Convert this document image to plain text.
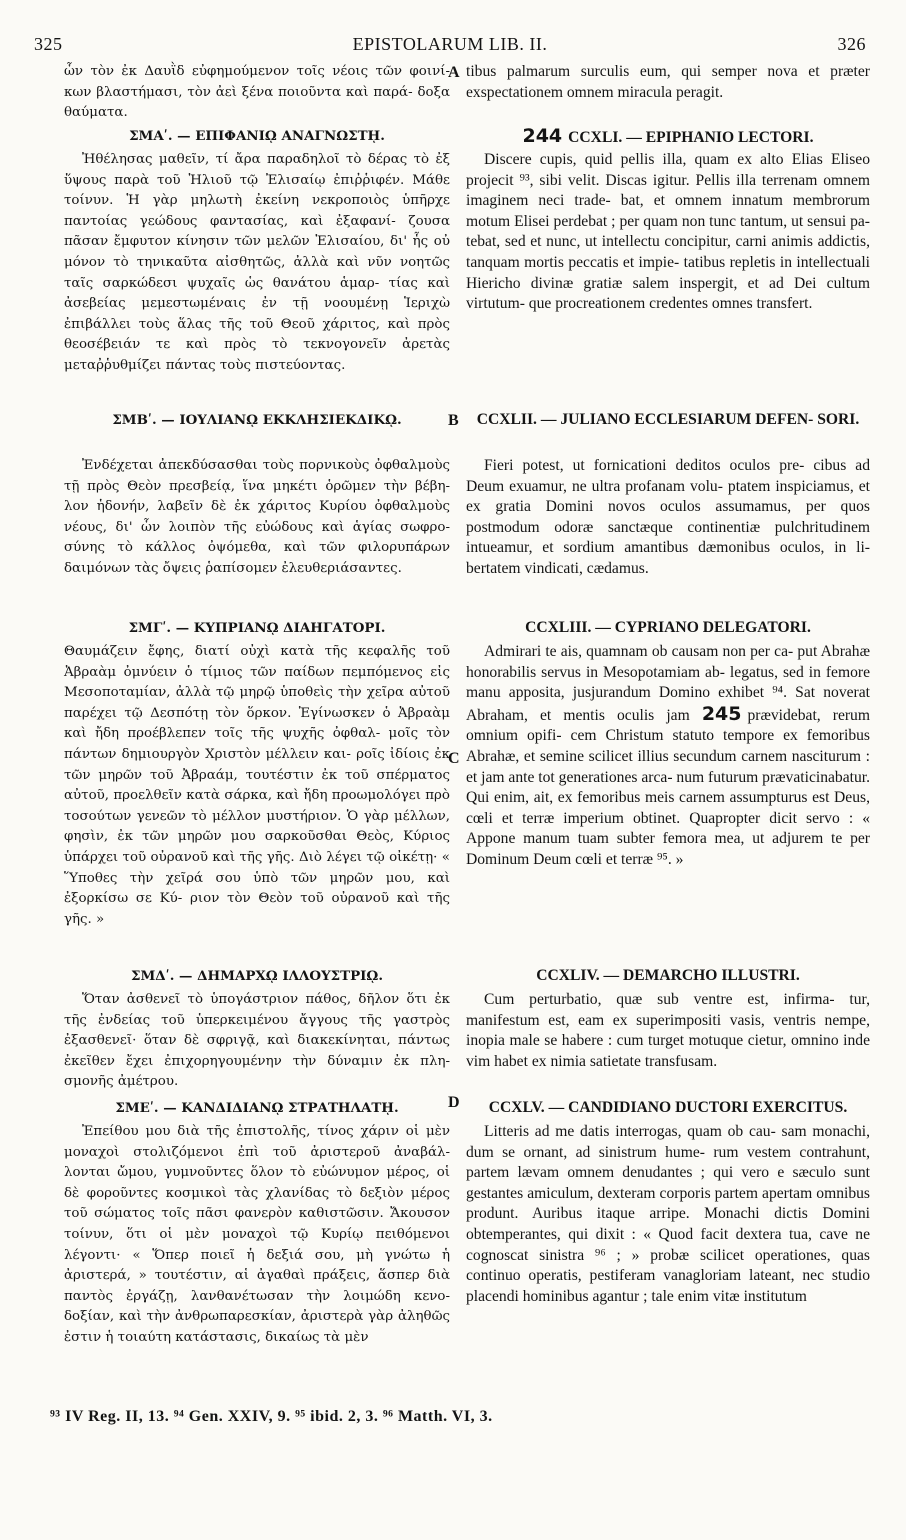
325	EPISTOLARUM LIB. II.	326

ὧν τὸν ἐκ Δαυῒδ εὐφημούμενον τοῖς νέοις τῶν φοινί- κων βλαστήμασι, τὸν ἀεὶ ξένα ποιοῦντα καὶ παρά- δοξα θαύματα.

ΣΜΑʹ. — ΕΠΙΦΑΝΙῼ ΑΝΑΓΝΩΣΤῌ.

Ἠθέλησας μαθεῖν, τί ἄρα παραδηλοῖ τὸ δέρας τὸ ἐξ ὕψους παρὰ τοῦ Ἠλιοῦ τῷ Ἐλισαίῳ ἐπιῤῥιφέν. Μάθε τοίνυν. Ἡ γὰρ μηλωτὴ ἐκείνη νεκροποιὸς ὑπῆρχε παντοίας γεώδους φαντασίας, καὶ ἐξαφανί- ζουσα πᾶσαν ἔμφυτον κίνησιν τῶν μελῶν Ἐλισαίου, δι' ἧς οὐ μόνον τὸ τηνικαῦτα αἰσθητῶς, ἀλλὰ καὶ νῦν νοητῶς ταῖς σαρκώδεσι ψυχαῖς ὡς θανάτου ἁμαρ- τίας καὶ ἀσεβείας μεμεστωμέναις ἐν τῇ νοουμένῃ Ἱεριχὼ ἐπιβάλλει τοὺς ἅλας τῆς τοῦ Θεοῦ χάριτος, καὶ πρὸς θεοσέβειάν τε καὶ πρὸς τὸ τεκνογονεῖν ἀρετὰς μεταῤῥυθμίζει πάντας τοὺς πιστεύοντας.

ΣΜΒʹ. — ΙΟΥΛΙΑΝῼ ΕΚΚΛΗΣΙΕΚΔΙΚῼ.

Ἐνδέχεται ἀπεκδύσασθαι τοὺς πορνικοὺς ὀφθαλμοὺς τῇ πρὸς Θεὸν πρεσβείᾳ, ἵνα μηκέτι ὁρῶμεν τὴν βέβη- λον ἡδονήν, λαβεῖν δὲ ἐκ χάριτος Κυρίου ὀφθαλμοὺς νέους, δι' ὧν λοιπὸν τῆς εὐώδους καὶ ἁγίας σωφρο- σύνης τὸ κάλλος ὀψόμεθα, καὶ τῶν φιλορυπάρων δαιμόνων τὰς ὄψεις ῥαπίσομεν ἐλευθεριάσαντες.

ΣΜΓʹ. — ΚΥΠΡΙΑΝῼ ΔΙΑΗΓΑΤΟΡΙ.

Θαυμάζειν ἔφης, διατί οὐχὶ κατὰ τῆς κεφαλῆς τοῦ Ἀβραὰμ ὀμνύειν ὁ τίμιος τῶν παίδων πεμπόμενος εἰς Μεσοποταμίαν, ἀλλὰ τῷ μηρῷ ὑποθεὶς τὴν χεῖρα αὐτοῦ παρέχει τῷ Δεσπότῃ τὸν ὅρκον. Ἐγίνωσκεν ὁ Ἀβραὰμ καὶ ἤδη προέβλεπεν τοῖς τῆς ψυχῆς ὀφθαλ- μοῖς τὸν πάντων δημιουργὸν Χριστὸν μέλλειν και- ροῖς ἰδίοις ἐκ τῶν μηρῶν τοῦ Ἀβραάμ, τουτέστιν ἐκ τοῦ σπέρματος αὐτοῦ, προελθεῖν κατὰ σάρκα, καὶ ἤδη προωμολόγει πρὸ τοσούτων γενεῶν τὸ μέλλον μυστήριον. Ὁ γὰρ μέλλων, φησὶν, ἐκ τῶν μηρῶν μου σαρκοῦσθαι Θεὸς, Κύριος ὑπάρχει τοῦ οὐρανοῦ καὶ τῆς γῆς. Διὸ λέγει τῷ οἰκέτῃ· « Ὕποθες τὴν χεῖρά σου ὑπὸ τῶν μηρῶν μου, καὶ ἐξορκίσω σε Κύ- ριον τὸν Θεὸν τοῦ οὐρανοῦ καὶ τῆς γῆς. »

ΣΜΔʹ. — ΔΗΜΑΡΧῼ ΙΛΛΟΥΣΤΡΙῼ.

Ὅταν ἀσθενεῖ τὸ ὑπογάστριον πάθος, δῆλον ὅτι ἐκ τῆς ἐνδείας τοῦ ὑπερκειμένου ἄγγους τῆς γαστρὸς ἐξασθενεῖ· ὅταν δὲ σφριγᾷ, καὶ διακεκίνηται, πάντως ἐκεῖθεν ἔχει ἐπιχορηγουμένην τὴν δύναμιν ἐκ πλη- σμονῆς ἀμέτρου.

ΣΜΕʹ. — ΚΑΝΔΙΔΙΑΝῼ ΣΤΡΑΤΗΛΑΤῌ.

Ἐπείθου μου διὰ τῆς ἐπιστολῆς, τίνος χάριν οἱ μὲν μοναχοὶ στολιζόμενοι ἐπὶ τοῦ ἀριστεροῦ ἀναβάλ- λονται ὤμου, γυμνοῦντες ὅλον τὸ εὐώνυμον μέρος, οἱ δὲ φοροῦντες κοσμικοὶ τὰς χλανίδας τὸ δεξιὸν μέρος τοῦ σώματος τοῖς πᾶσι φανερὸν καθιστῶσιν. Ἄκουσον τοίνυν, ὅτι οἱ μὲν μοναχοὶ τῷ Κυρίῳ πειθόμενοι λέγοντι· « Ὅπερ ποιεῖ ἡ δεξιά σου, μὴ γνώτω ἡ ἀριστερά, » τουτέστιν, αἱ ἀγαθαὶ πράξεις, ἅσπερ διὰ παντὸς ἐργάζῃ, λανθανέτωσαν τὴν λοιμώδη κενο- δοξίαν, καὶ τὴν ἀνθρωπαρεσκίαν, ἀριστερὰ γὰρ ἀληθῶς ἐστιν ἡ τοιαύτη κατάστασις, δικαίως τὰ μὲν

A
B
C
D

tibus palmarum surculis eum, qui semper nova et præter exspectationem omnem miracula peragit.

244 CCXLI. — EPIPHANIO LECTORI.

Discere cupis, quid pellis illa, quam ex alto Elias Eliseo projecit ⁹³, sibi velit. Discas igitur. Pellis illa terrenam omnem imaginem neci trade- bat, et omnem innatum membrorum motum Elisei perdebat ; per quam non tunc tantum, ut sensui pa- tebat, sed et nunc, ut intellectu concipitur, carni animis addictis, tanquam mortis peccatis et impie- tatibus repletis in intellectuali Hiericho divinæ gratiæ salem inspergit, et ad Dei cultum virtutum- que procreationem credentes omnes transfert.

CCXLII. — JULIANO ECCLESIARUM DEFEN- SORI.

Fieri potest, ut fornicationi deditos oculos pre- cibus ad Deum exuamur, ne ultra profanam volu- ptatem inspiciamus, et ex gratia Domini novos oculos assumamus, per quos postmodum odoræ sanctæque continentiæ pulchritudinem intueamur, et sordium amantibus dæmonibus oculos, in li- bertatem vindicati, cædamus.

CCXLIII. — CYPRIANO DELEGATORI.

Admirari te ais, quamnam ob causam non per ca- put Abrahæ honorabilis servus in Mesopotamiam ab- legatus, sed in femore manu apposita, jusjurandum Domino exhibet ⁹⁴. Sat noverat Abraham, et mentis oculis jam 245 prævidebat, rerum omnium opifi- cem Christum statuto tempore ex femoribus Abrahæ, et semine scilicet illius secundum carnem nasciturum : et jam ante tot generationes arca- num futurum prævaticinabatur. Qui enim, ait, ex femoribus meis carnem assumpturus est Deus, cœli et terræ imperium obtinet. Quapropter dicit servo : « Appone manum tuam subter femora mea, ut adjurem te per Dominum Deum cœli et terræ ⁹⁵. »

CCXLIV. — DEMARCHO ILLUSTRI.

Cum perturbatio, quæ sub ventre est, infirma- tur, manifestum est, eam ex superimpositi vasis, ventris nempe, inopia male se habere : cum turget motuque cietur, omnino inde vim habet ex nimia satietate transfusam.

CCXLV. — CANDIDIANO DUCTORI EXERCITUS.

Litteris ad me datis interrogas, quam ob cau- sam monachi, dum se ornant, ad sinistrum hume- rum vestem contrahunt, partem lævam omnem denudantes ; qui vero e sæculo sunt gestantes amiculum, dexteram corporis partem apertam omnibus produnt. Auribus itaque arripe. Monachi dictis Domini obtemperantes, qui dixit : « Quod facit dextera tua, cave ne cognoscat sinistra ⁹⁶ ; » probæ scilicet operationes, quas continuo operatis, pestiferam vanagloriam lateant, nec studio placendi hominibus agantur ; tale enim vitæ institutum

⁹³ IV Reg. II, 13. ⁹⁴ Gen. XXIV, 9. ⁹⁵ ibid. 2, 3. ⁹⁶ Matth. VI, 3.
